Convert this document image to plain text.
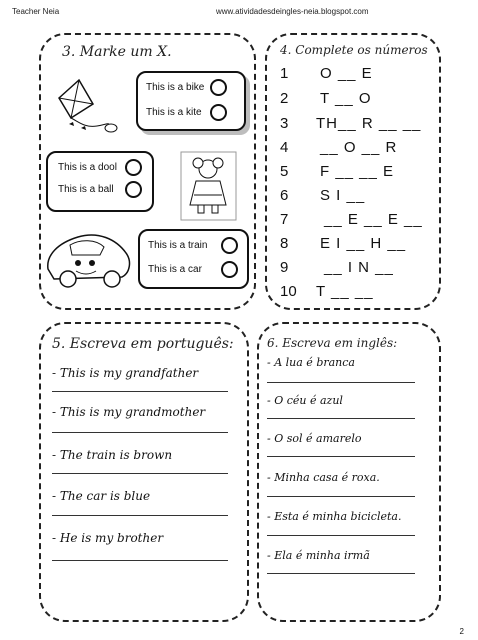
Teacher Neia	www.atividadesdeingles-neia.blogspot.com
3. Marke um X.
This is a bike
This is a kite
This is a dool
This is a ball
This is a train
This is a car
4. Complete os números
1 O __ E
2 T __ O
3 TH__ R __ __
4 __ O __ R
5 F __ __ E
6 S I __
7 __ E __ E __
8 E I __ H __
9 __ I N __
10 T __ __
5. Escreva em português:
- This is my grandfather
- This is my grandmother
- The train is brown
- The car is blue
- He is my brother
6. Escreva em inglês:
- A lua é branca
- O céu é azul
- O sol é amarelo
- Minha casa é roxa.
- Esta é minha bicicleta.
- Ela é minha irmã
2
